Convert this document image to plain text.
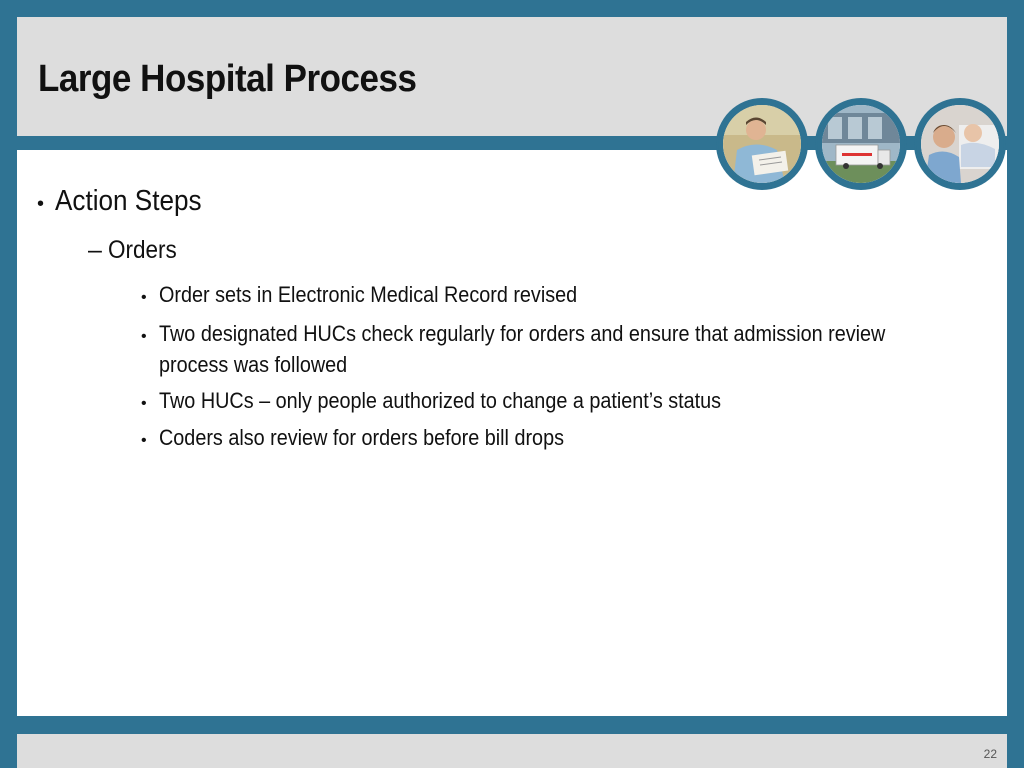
Large Hospital Process
• Action Steps
– Orders
• Order sets in Electronic Medical Record revised
• Two designated HUCs check regularly for orders and ensure that admission review process was followed
• Two HUCs – only people authorized to change a patient’s status
• Coders also review for orders before bill drops
22
